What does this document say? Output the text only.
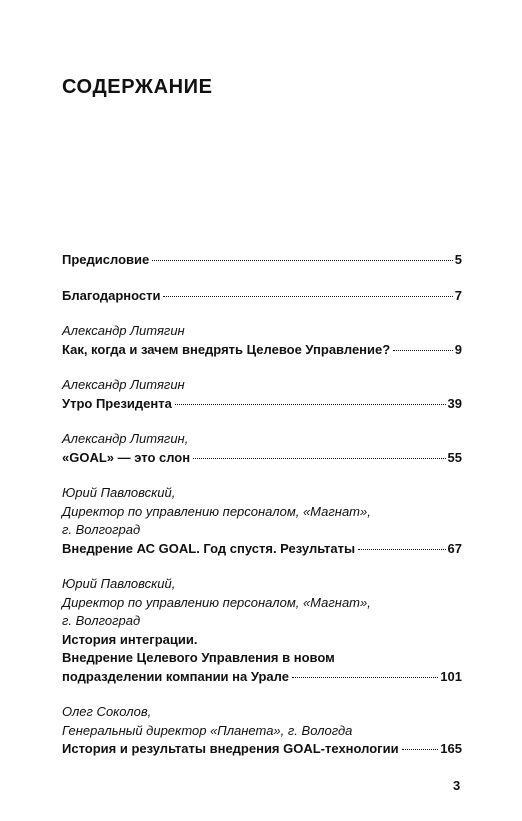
СОДЕРЖАНИЕ
Предисловие	5
Благодарности	7
Александр Литягин
Как, когда и зачем внедрять Целевое Управление?	9
Александр Литягин
Утро Президента	39
Александр Литягин,
«GOAL» — это слон	55
Юрий Павловский,
Директор по управлению персоналом, «Магнат»,
г. Волгоград
Внедрение АС GOAL. Год спустя. Результаты	67
Юрий Павловский,
Директор по управлению персоналом, «Магнат»,
г. Волгоград
История интеграции.
Внедрение Целевого Управления в новом
подразделении компании на Урале	101
Олег Соколов,
Генеральный директор «Планета», г. Вологда
История и результаты внедрения GOAL-технологии	165
3
